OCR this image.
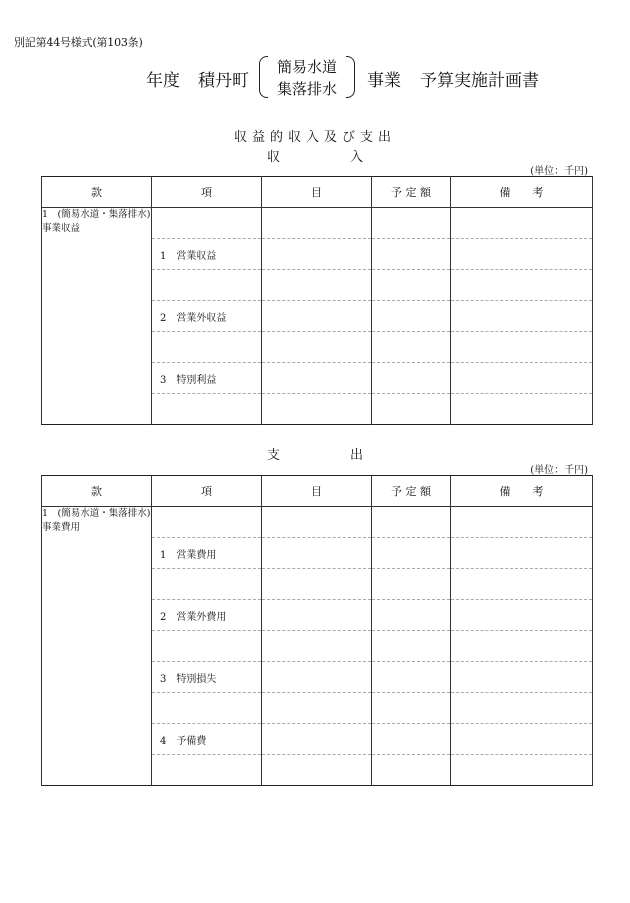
別記第44号様式(第103条)
年度 積丹町
簡易水道
集落排水	事業 予算実施計画書
収益的収入及び支出
収	入
(単位：千円)
款	項	目	予 定 額	備　　考

1　(簡易水道・集落排水)
事業収益				

	1　営業収益			

	2　営業外収益			

	3　特別利益			

支	出
(単位：千円)
款	項	目	予 定 額	備　　考

1　(簡易水道・集落排水)
事業費用				

	1　営業費用			

	2　営業外費用			

	3　特別損失			

	4　予備費			
